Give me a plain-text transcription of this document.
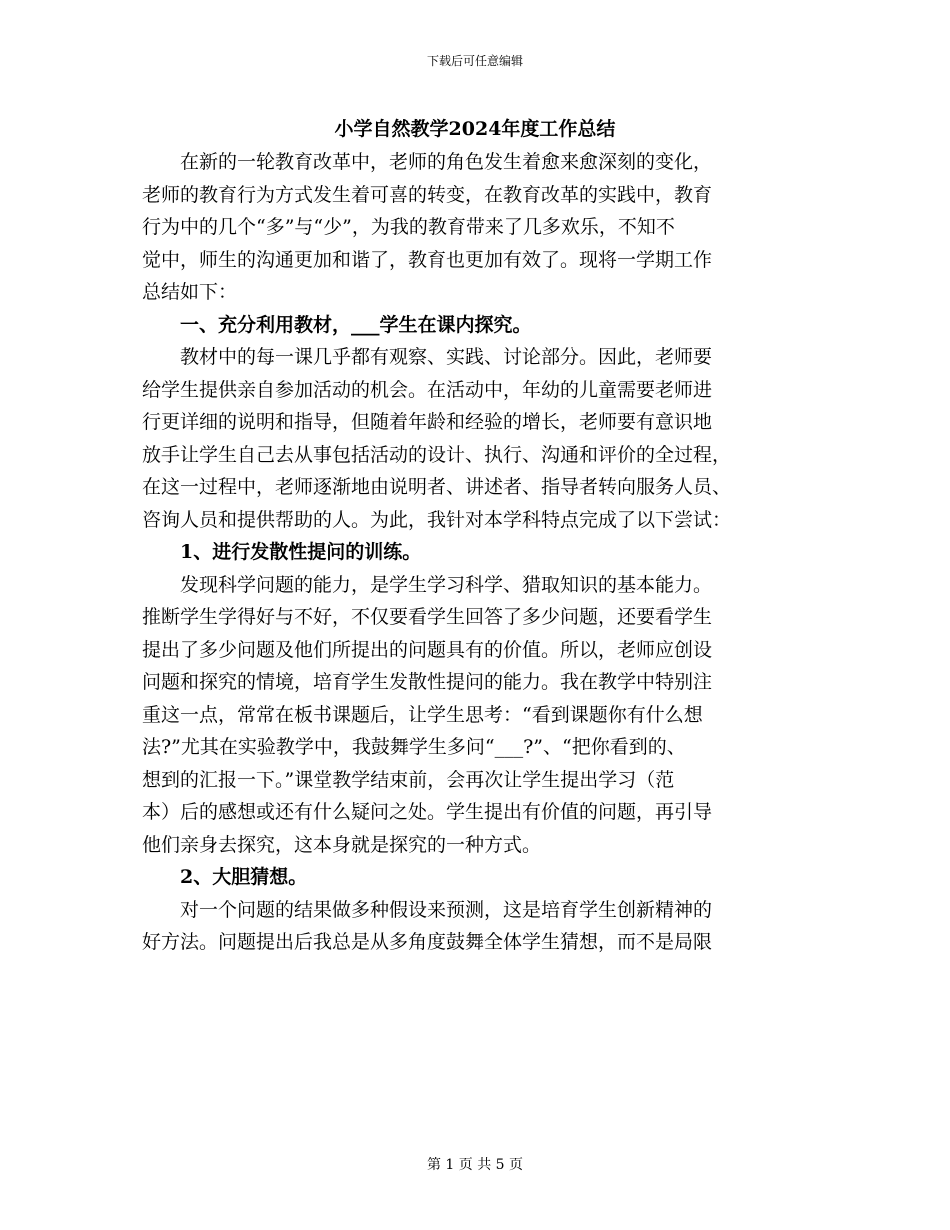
下载后可任意编辑
小学自然教学2024年度工作总结
在新的一轮教育改革中，老师的角色发生着愈来愈深刻的变化，
老师的教育行为方式发生着可喜的转变，在教育改革的实践中，教育
行为中的几个“多”与“少”，为我的教育带来了几多欢乐，不知不
觉中，师生的沟通更加和谐了，教育也更加有效了。现将一学期工作
总结如下：
一、充分利用教材，___学生在课内探究。
教材中的每一课几乎都有观察、实践、讨论部分。因此，老师要
给学生提供亲自参加活动的机会。在活动中，年幼的儿童需要老师进
行更详细的说明和指导，但随着年龄和经验的增长，老师要有意识地
放手让学生自己去从事包括活动的设计、执行、沟通和评价的全过程，
在这一过程中，老师逐渐地由说明者、讲述者、指导者转向服务人员、
咨询人员和提供帮助的人。为此，我针对本学科特点完成了以下尝试：
1、进行发散性提问的训练。
发现科学问题的能力，是学生学习科学、猎取知识的基本能力。
推断学生学得好与不好，不仅要看学生回答了多少问题，还要看学生
提出了多少问题及他们所提出的问题具有的价值。所以，老师应创设
问题和探究的情境，培育学生发散性提问的能力。我在教学中特别注
重这一点，常常在板书课题后，让学生思考：“看到课题你有什么想
法?”尤其在实验教学中，我鼓舞学生多问“___?”、“把你看到的、
想到的汇报一下。”课堂教学结束前，会再次让学生提出学习（范
本）后的感想或还有什么疑问之处。学生提出有价值的问题，再引导
他们亲身去探究，这本身就是探究的一种方式。
2、大胆猜想。
对一个问题的结果做多种假设来预测，这是培育学生创新精神的
好方法。问题提出后我总是从多角度鼓舞全体学生猜想，而不是局限
第 1 页 共 5 页
